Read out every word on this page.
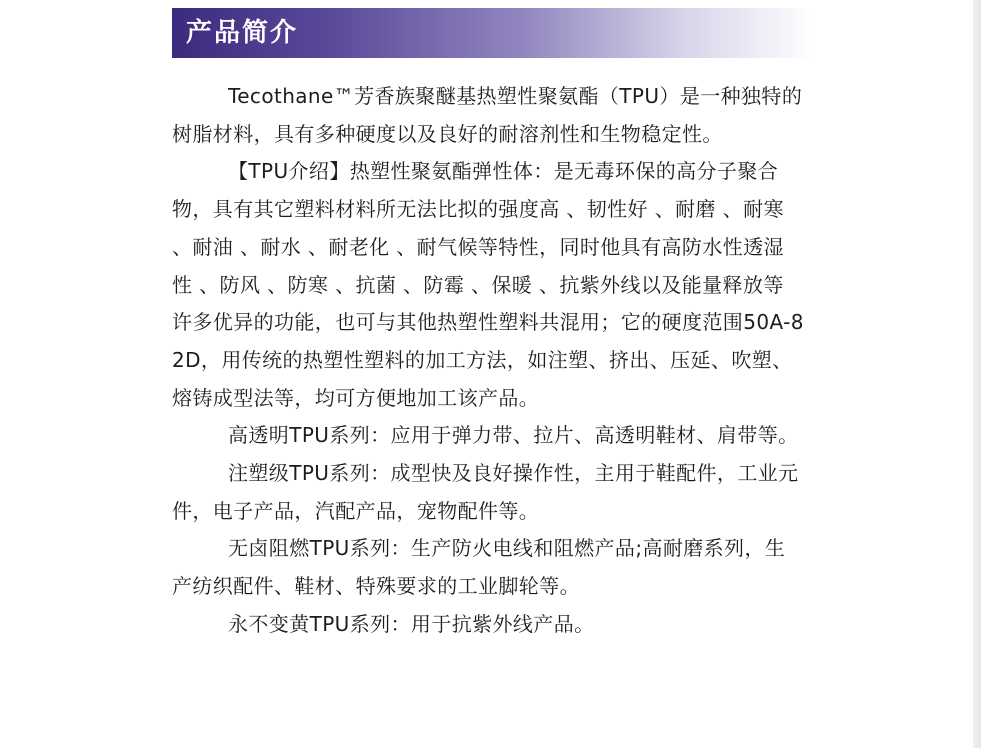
产品简介

Tecothane™芳香族聚醚基热塑性聚氨酯（TPU）是一种独特的树脂材料，具有多种硬度以及良好的耐溶剂性和生物稳定性。

【TPU介绍】热塑性聚氨酯弹性体：是无毒环保的高分子聚合物，具有其它塑料材料所无法比拟的强度高 、韧性好 、耐磨 、耐寒 、耐油 、耐水 、耐老化 、耐气候等特性，同时他具有高防水性透湿性 、防风 、防寒 、抗菌 、防霉 、保暖 、抗紫外线以及能量释放等许多优异的功能，也可与其他热塑性塑料共混用；它的硬度范围50A-82D，用传统的热塑性塑料的加工方法，如注塑、挤出、压延、吹塑、熔铸成型法等，均可方便地加工该产品。

高透明TPU系列：应用于弹力带、拉片、高透明鞋材、肩带等。

注塑级TPU系列：成型快及良好操作性，主用于鞋配件，工业元件，电子产品，汽配产品，宠物配件等。

无卤阻燃TPU系列：生产防火电线和阻燃产品;高耐磨系列，生产纺织配件、鞋材、特殊要求的工业脚轮等。

永不变黄TPU系列：用于抗紫外线产品。
